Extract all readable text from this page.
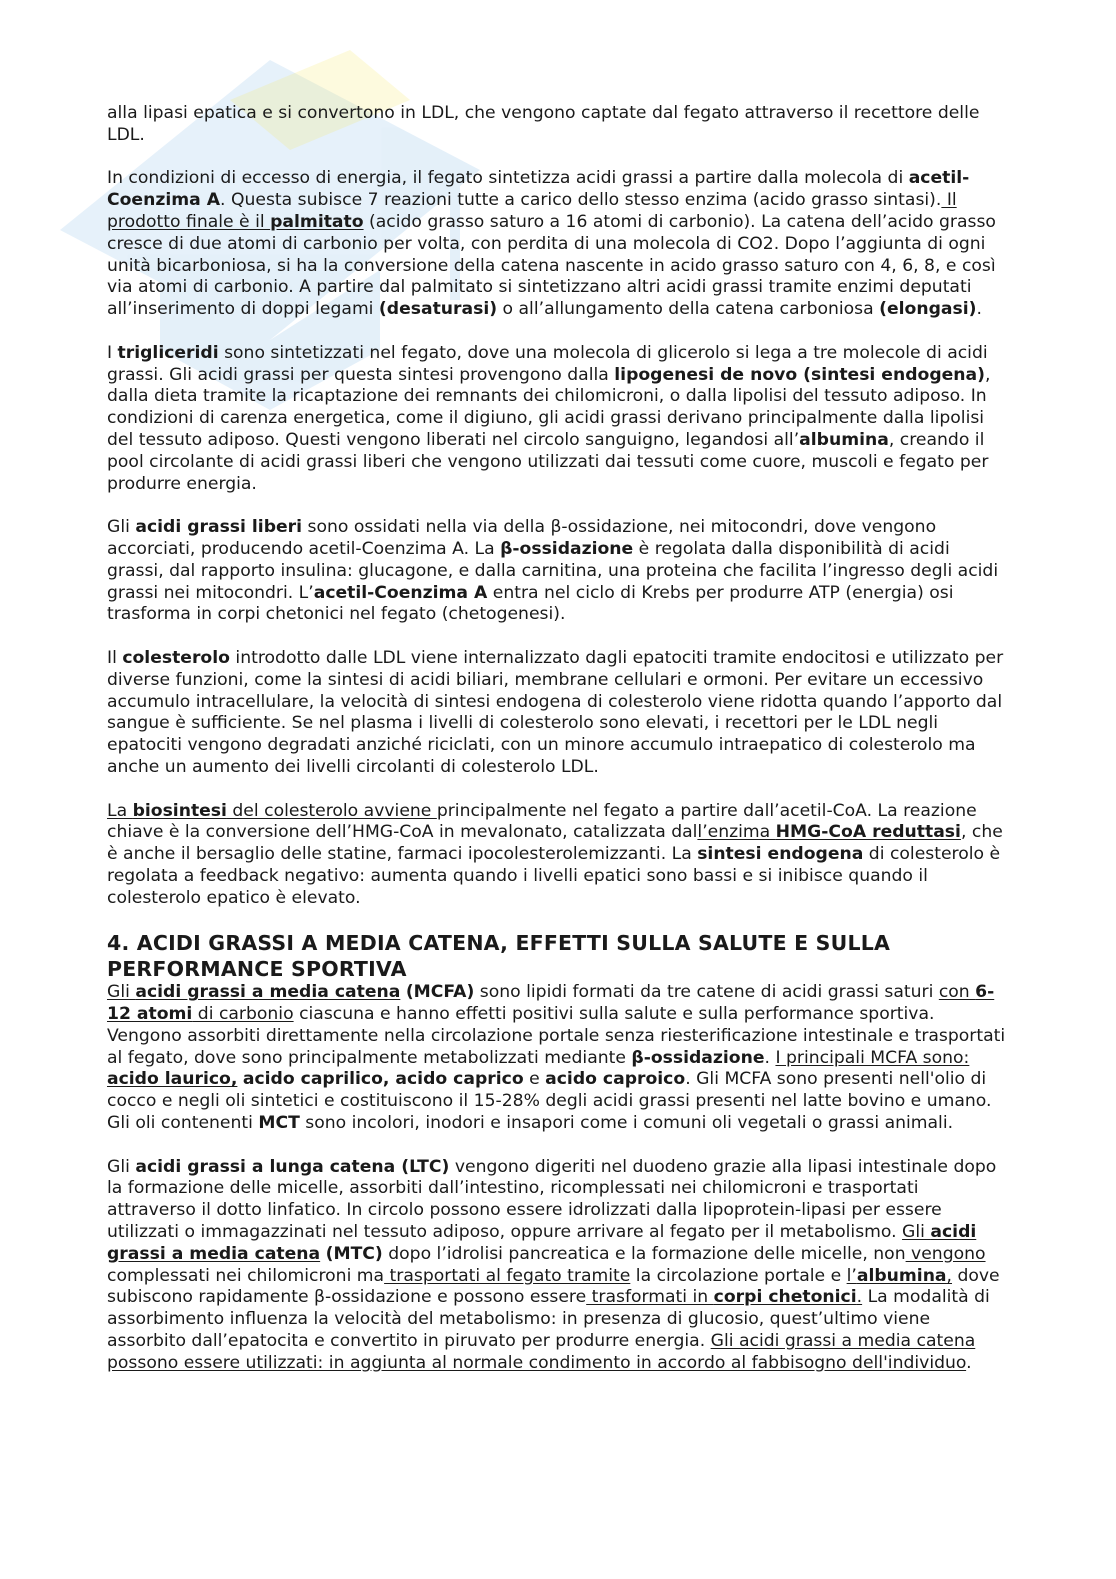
alla lipasi epatica e si convertono in LDL, che vengono captate dal fegato attraverso il recettore delle LDL.

In condizioni di eccesso di energia, il fegato sintetizza acidi grassi a partire dalla molecola di acetil-Coenzima A. Questa subisce 7 reazioni tutte a carico dello stesso enzima (acido grasso sintasi). Il prodotto finale è il palmitato (acido grasso saturo a 16 atomi di carbonio). La catena dell’acido grasso cresce di due atomi di carbonio per volta, con perdita di una molecola di CO2. Dopo l’aggiunta di ogni unità bicarboniosa, si ha la conversione della catena nascente in acido grasso saturo con 4, 6, 8, e così via atomi di carbonio. A partire dal palmitato si sintetizzano altri acidi grassi tramite enzimi deputati all’inserimento di doppi legami (desaturasi) o all’allungamento della catena carboniosa (elongasi).

I trigliceridi sono sintetizzati nel fegato, dove una molecola di glicerolo si lega a tre molecole di acidi grassi. Gli acidi grassi per questa sintesi provengono dalla lipogenesi de novo (sintesi endogena), dalla dieta tramite la ricaptazione dei remnants dei chilomicroni, o dalla lipolisi del tessuto adiposo. In condizioni di carenza energetica, come il digiuno, gli acidi grassi derivano principalmente dalla lipolisi del tessuto adiposo. Questi vengono liberati nel circolo sanguigno, legandosi all’albumina, creando il pool circolante di acidi grassi liberi che vengono utilizzati dai tessuti come cuore, muscoli e fegato per produrre energia.

Gli acidi grassi liberi sono ossidati nella via della β-ossidazione, nei mitocondri, dove vengono accorciati, producendo acetil-Coenzima A. La β-ossidazione è regolata dalla disponibilità di acidi grassi, dal rapporto insulina: glucagone, e dalla carnitina, una proteina che facilita l’ingresso degli acidi grassi nei mitocondri. L’acetil-Coenzima A entra nel ciclo di Krebs per produrre ATP (energia) osi trasforma in corpi chetonici nel fegato (chetogenesi).

Il colesterolo introdotto dalle LDL viene internalizzato dagli epatociti tramite endocitosi e utilizzato per diverse funzioni, come la sintesi di acidi biliari, membrane cellulari e ormoni. Per evitare un eccessivo accumulo intracellulare, la velocità di sintesi endogena di colesterolo viene ridotta quando l’apporto dal sangue è sufficiente. Se nel plasma i livelli di colesterolo sono elevati, i recettori per le LDL negli epatociti vengono degradati anziché riciclati, con un minore accumulo intraepatico di colesterolo ma anche un aumento dei livelli circolanti di colesterolo LDL.

La biosintesi del colesterolo avviene principalmente nel fegato a partire dall’acetil-CoA. La reazione chiave è la conversione dell’HMG-CoA in mevalonato, catalizzata dall’enzima HMG-CoA reduttasi, che è anche il bersaglio delle statine, farmaci ipocolesterolemizzanti. La sintesi endogena di colesterolo è regolata a feedback negativo: aumenta quando i livelli epatici sono bassi e si inibisce quando il colesterolo epatico è elevato.

4. ACIDI GRASSI A MEDIA CATENA, EFFETTI SULLA SALUTE E SULLA PERFORMANCE SPORTIVA

Gli acidi grassi a media catena (MCFA) sono lipidi formati da tre catene di acidi grassi saturi con 6-12 atomi di carbonio ciascuna e hanno effetti positivi sulla salute e sulla performance sportiva. Vengono assorbiti direttamente nella circolazione portale senza riesterificazione intestinale e trasportati al fegato, dove sono principalmente metabolizzati mediante β-ossidazione. I principali MCFA sono: acido laurico, acido caprilico, acido caprico e acido caproico. Gli MCFA sono presenti nell'olio di cocco e negli oli sintetici e costituiscono il 15-28% degli acidi grassi presenti nel latte bovino e umano. Gli oli contenenti MCT sono incolori, inodori e insapori come i comuni oli vegetali o grassi animali.

Gli acidi grassi a lunga catena (LTC) vengono digeriti nel duodeno grazie alla lipasi intestinale dopo la formazione delle micelle, assorbiti dall’intestino, ricomplessati nei chilomicroni e trasportati attraverso il dotto linfatico. In circolo possono essere idrolizzati dalla lipoprotein-lipasi per essere utilizzati o immagazzinati nel tessuto adiposo, oppure arrivare al fegato per il metabolismo. Gli acidi grassi a media catena (MTC) dopo l’idrolisi pancreatica e la formazione delle micelle, non vengono complessati nei chilomicroni ma trasportati al fegato tramite la circolazione portale e l’albumina, dove subiscono rapidamente β-ossidazione e possono essere trasformati in corpi chetonici. La modalità di assorbimento influenza la velocità del metabolismo: in presenza di glucosio, quest’ultimo viene assorbito dall’epatocita e convertito in piruvato per produrre energia. Gli acidi grassi a media catena possono essere utilizzati: in aggiunta al normale condimento in accordo al fabbisogno dell'individuo.
